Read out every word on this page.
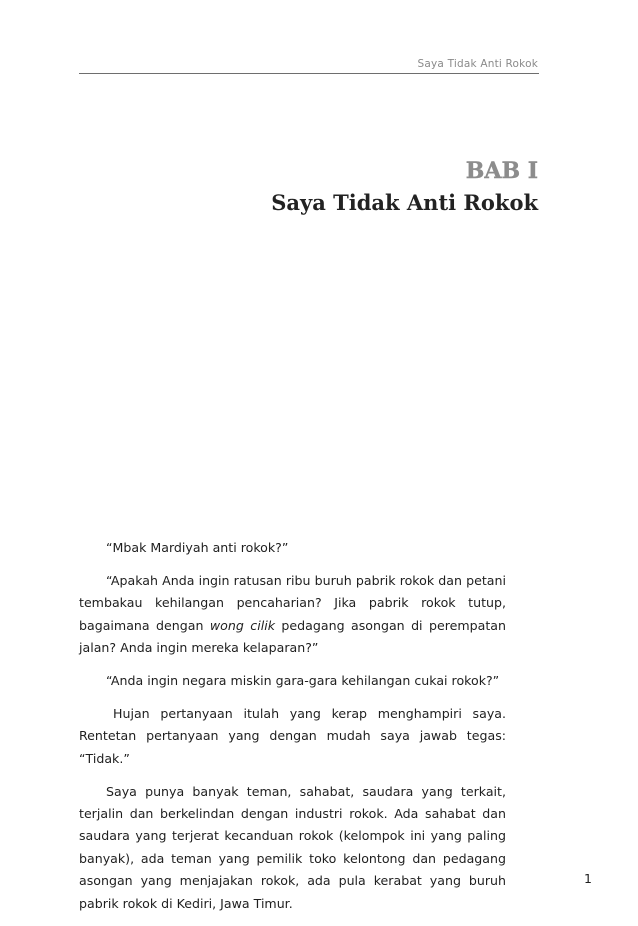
Saya Tidak Anti Rokok
BAB I
Saya Tidak Anti Rokok

“Mbak Mardiyah anti rokok?”

“Apakah Anda ingin ratusan ribu buruh pabrik rokok dan petani tembakau kehilangan pencaharian? Jika pabrik rokok tutup, bagaimana dengan wong cilik pedagang asongan di perempatan jalan? Anda ingin mereka kelaparan?”

“Anda ingin negara miskin gara-gara kehilangan cukai rokok?”

Hujan pertanyaan itulah yang kerap menghampiri saya. Rentetan pertanyaan yang dengan mudah saya jawab tegas: “Tidak.”

Saya punya banyak teman, sahabat, saudara yang terkait, terjalin dan berkelindan dengan industri rokok. Ada sahabat dan saudara yang terjerat kecanduan rokok (kelompok ini yang paling banyak), ada teman yang pemilik toko kelontong dan pedagang asongan yang menjajakan rokok, ada pula kerabat yang buruh pabrik rokok di Kediri, Jawa Timur.

1
